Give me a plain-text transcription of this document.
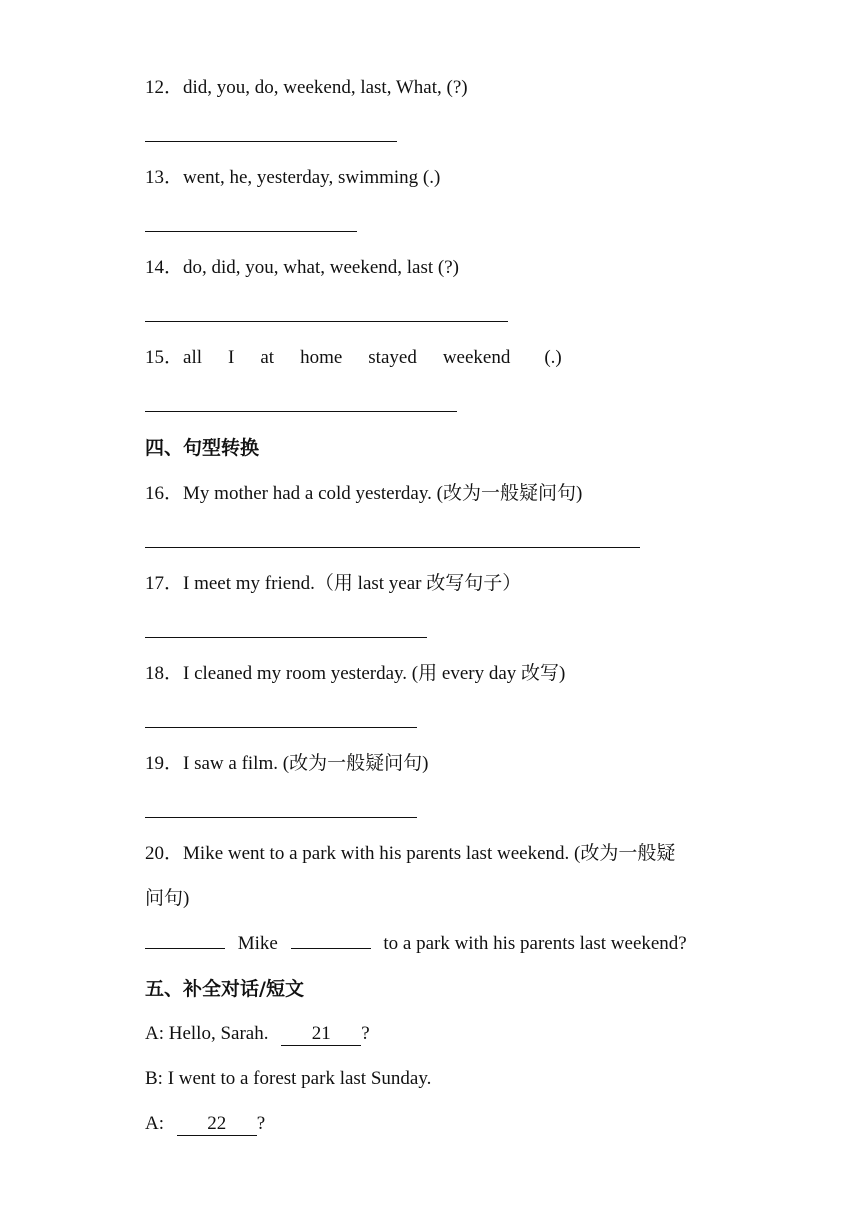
12．did, you, do, weekend, last, What, (?)
13．went, he, yesterday, swimming (.)
14．do, did, you, what, weekend, last (?)
15．all I at home stayed weekend (.)
四、句型转换
16．My mother had a cold yesterday. (改为一般疑问句)
17．I meet my friend.（用 last year 改写句子）
18．I cleaned my room yesterday. (用 every day 改写)
19．I saw a film. (改为一般疑问句)
20．Mike went to a park with his parents last weekend. (改为一般疑
问句)
Mike	to a park with his parents last weekend?
五、补全对话/短文
A: Hello, Sarah. 21 ?
B: I went to a forest park last Sunday.
A: 22 ?
